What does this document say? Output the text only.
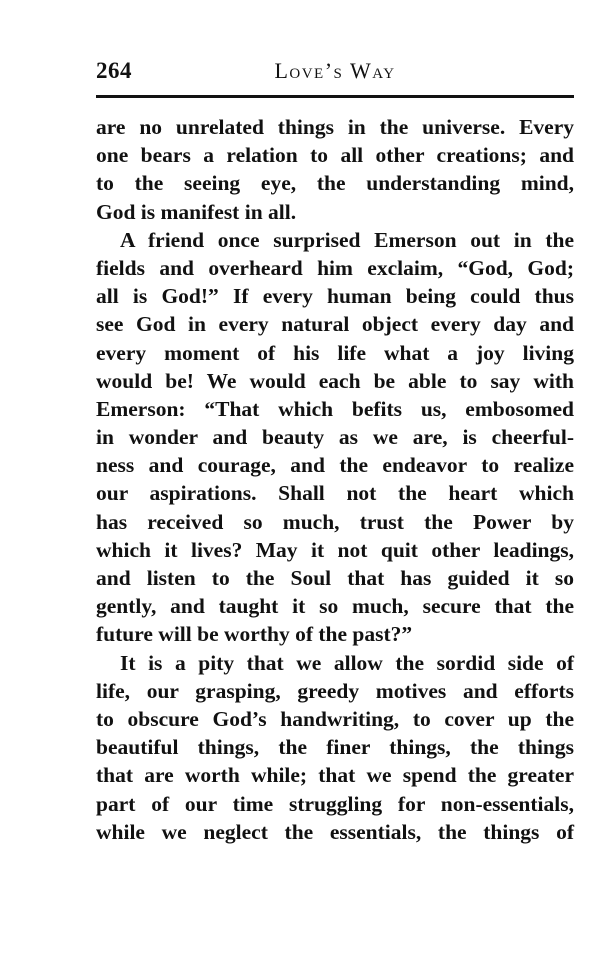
264	Love’s Way
are no unrelated things in the universe. Every
one bears a relation to all other creations; and
to the seeing eye, the understanding mind,
God is manifest in all.
A friend once surprised Emerson out in the
fields and overheard him exclaim, “God, God;
all is God!” If every human being could thus
see God in every natural object every day and
every moment of his life what a joy living
would be! We would each be able to say with
Emerson: “That which befits us, embosomed
in wonder and beauty as we are, is cheerful-
ness and courage, and the endeavor to realize
our aspirations. Shall not the heart which
has received so much, trust the Power by
which it lives? May it not quit other leadings,
and listen to the Soul that has guided it so
gently, and taught it so much, secure that the
future will be worthy of the past?”
It is a pity that we allow the sordid side of
life, our grasping, greedy motives and efforts
to obscure God’s handwriting, to cover up the
beautiful things, the finer things, the things
that are worth while; that we spend the greater
part of our time struggling for non-essentials,
while we neglect the essentials, the things of
